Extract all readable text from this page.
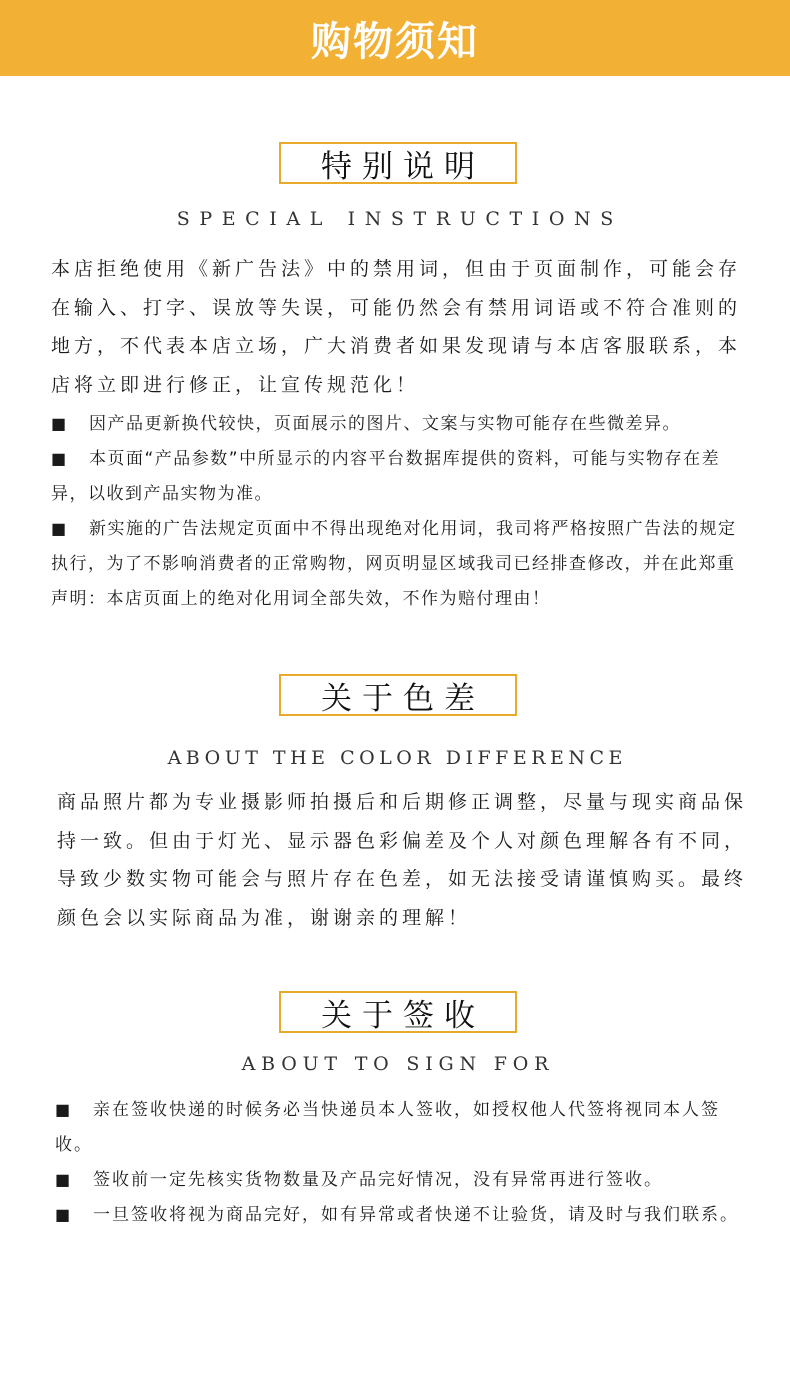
购物须知
特别说明
SPECIAL INSTRUCTIONS

本店拒绝使用《新广告法》中的禁用词，但由于页面制作，可能会存在输入、打字、误放等失误，可能仍然会有禁用词语或不符合准则的地方，不代表本店立场，广大消费者如果发现请与本店客服联系，本店将立即进行修正，让宣传规范化！

■ 因产品更新换代较快，页面展示的图片、文案与实物可能存在些微差异。

■ 本页面“产品参数”中所显示的内容平台数据库提供的资料，可能与实物存在差异，以收到产品实物为准。

■ 新实施的广告法规定页面中不得出现绝对化用词，我司将严格按照广告法的规定执行，为了不影响消费者的正常购物，网页明显区域我司已经排查修改，并在此郑重声明：本店页面上的绝对化用词全部失效，不作为赔付理由！

关于色差
ABOUT THE COLOR DIFFERENCE

商品照片都为专业摄影师拍摄后和后期修正调整，尽量与现实商品保持一致。但由于灯光、显示器色彩偏差及个人对颜色理解各有不同，导致少数实物可能会与照片存在色差，如无法接受请谨慎购买。最终颜色会以实际商品为准，谢谢亲的理解！

关于签收
ABOUT TO SIGN FOR

■ 亲在签收快递的时候务必当快递员本人签收，如授权他人代签将视同本人签收。

■ 签收前一定先核实货物数量及产品完好情况，没有异常再进行签收。

■ 一旦签收将视为商品完好，如有异常或者快递不让验货，请及时与我们联系。
